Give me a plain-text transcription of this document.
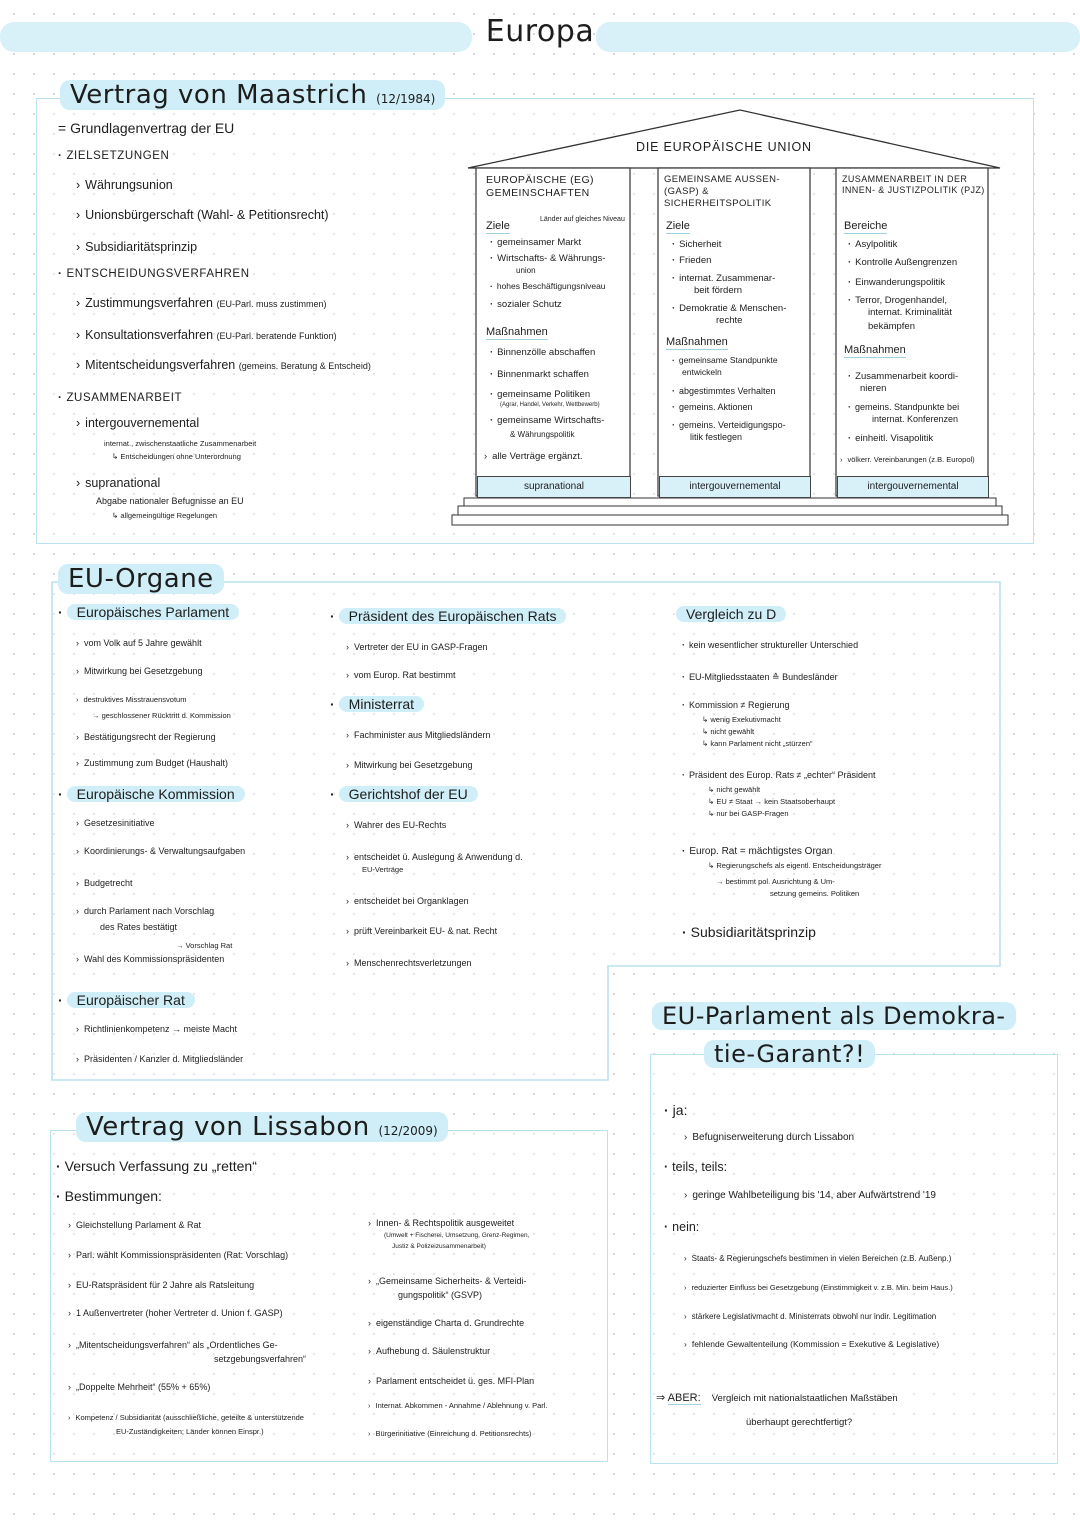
Europa
Vertrag von Maastrich (12/1984)
= Grundlagenvertrag der EU
· ZIELSETZUNGEN
› Währungsunion
› Unionsbürgerschaft (Wahl- & Petitionsrecht)
› Subsidiaritätsprinzip
· ENTSCHEIDUNGSVERFAHREN
› Zustimmungsverfahren (EU-Parl. muss zustimmen)
› Konsultationsverfahren (EU-Parl. beratende Funktion)
› Mitentscheidungsverfahren (gemeins. Beratung & Entscheid)
· ZUSAMMENARBEIT
› intergouvernemental
internat., zwischenstaatliche Zusammenarbeit
↳ Entscheidungen ohne Unterordnung
› supranational
Abgabe nationaler Befugnisse an EU
↳ allgemeingültige Regelungen
DIE EUROPÄISCHE UNION
EUROPÄISCHE (EG) GEMEINSCHAFTEN
Ziele
Länder auf gleiches Niveau
· gemeinsamer Markt
· Wirtschafts- & Währungs-
union
· hohes Beschäftigungsniveau
· sozialer Schutz
Maßnahmen
· Binnenzölle abschaffen
· Binnenmarkt schaffen
· gemeinsame Politiken
(Agrar, Handel, Verkehr, Wettbewerb)
· gemeinsame Wirtschafts-
& Währungspolitik
› alle Verträge ergänzt.
supranational
GEMEINSAME AUSSEN- (GASP) & SICHERHEITSPOLITIK
Ziele
· Sicherheit
· Frieden
· internat. Zusammenar-
beit fördern
· Demokratie & Menschen-
rechte
Maßnahmen
· gemeinsame Standpunkte
entwickeln
· abgestimmtes Verhalten
· gemeins. Aktionen
· gemeins. Verteidigungspo-
litik festlegen
intergouvernemental
ZUSAMMENARBEIT IN DER INNEN- & JUSTIZPOLITIK (PJZ)
Bereiche
· Asylpolitik
· Kontrolle Außengrenzen
· Einwanderungspolitik
· Terror, Drogenhandel,
internat. Kriminalität
bekämpfen
Maßnahmen
· Zusammenarbeit koordi-
nieren
· gemeins. Standpunkte bei
internat. Konferenzen
· einheitl. Visapolitik
› völkerr. Vereinbarungen (z.B. Europol)
intergouvernemental
EU-Organe
· Europäisches Parlament
› vom Volk auf 5 Jahre gewählt
› Mitwirkung bei Gesetzgebung
› destruktives Misstrauensvotum
→ geschlossener Rücktritt d. Kommission
› Bestätigungsrecht der Regierung
› Zustimmung zum Budget (Haushalt)
· Europäische Kommission
› Gesetzesinitiative
› Koordinierungs- & Verwaltungsaufgaben
› Budgetrecht
› durch Parlament nach Vorschlag
des Rates bestätigt
→ Vorschlag Rat
› Wahl des Kommissionspräsidenten
· Europäischer Rat
› Richtlinienkompetenz → meiste Macht
› Präsidenten / Kanzler d. Mitgliedsländer
· Präsident des Europäischen Rats
› Vertreter der EU in GASP-Fragen
› vom Europ. Rat bestimmt
· Ministerrat
› Fachminister aus Mitgliedsländern
› Mitwirkung bei Gesetzgebung
· Gerichtshof der EU
› Wahrer des EU-Rechts
› entscheidet ü. Auslegung & Anwendung d.
EU-Verträge
› entscheidet bei Organklagen
› prüft Vereinbarkeit EU- & nat. Recht
› Menschenrechtsverletzungen
Vergleich zu D
· kein wesentlicher struktureller Unterschied
· EU-Mitgliedsstaaten ≙ Bundesländer
· Kommission ≠ Regierung
↳ wenig Exekutivmacht
↳ nicht gewählt
↳ kann Parlament nicht „stürzen“
· Präsident des Europ. Rats ≠ „echter“ Präsident
↳ nicht gewählt
↳ EU ≠ Staat → kein Staatsoberhaupt
↳ nur bei GASP-Fragen
· Europ. Rat = mächtigstes Organ
↳ Regierungschefs als eigentl. Entscheidungsträger
→ bestimmt pol. Ausrichtung & Um-
setzung gemeins. Politiken
· Subsidiaritätsprinzip
Vertrag von Lissabon (12/2009)
· Versuch Verfassung zu „retten“
· Bestimmungen:
› Gleichstellung Parlament & Rat
› Parl. wählt Kommissionspräsidenten (Rat: Vorschlag)
› EU-Ratspräsident für 2 Jahre als Ratsleitung
› 1 Außenvertreter (hoher Vertreter d. Union f. GASP)
› „Mitentscheidungsverfahren“ als „Ordentliches Ge-
setzgebungsverfahren“
› „Doppelte Mehrheit“ (55% + 65%)
› Kompetenz / Subsidiarität (ausschließliche, geteilte & unterstützende
EU-Zuständigkeiten; Länder können Einspr.)
› Innen- & Rechtspolitik ausgeweitet
(Umwelt + Fischerei, Umsetzung, Grenz-Regimen,
Justiz & Polizeizusammenarbeit)
› „Gemeinsame Sicherheits- & Verteidi-
gungspolitik“ (GSVP)
› eigenständige Charta d. Grundrechte
› Aufhebung d. Säulenstruktur
› Parlament entscheidet ü. ges. MFI-Plan
› Internat. Abkommen - Annahme / Ablehnung v. Parl.
› Bürgerinitiative (Einreichung d. Petitionsrechts)
EU-Parlament als Demokra-
tie-Garant?!
· ja:
› Befugniserweiterung durch Lissabon
· teils, teils:
› geringe Wahlbeteiligung bis '14, aber Aufwärtstrend '19
· nein:
› Staats- & Regierungschefs bestimmen in vielen Bereichen (z.B. Außenp.)
› reduzierter Einfluss bei Gesetzgebung (Einstimmigkeit v. z.B. Min. beim Haus.)
› stärkere Legislativmacht d. Ministerrats obwohl nur indir. Legitimation
› fehlende Gewaltenteilung (Kommission = Exekutive & Legislative)
⇒ ABER: Vergleich mit nationalstaatlichen Maßstäben
überhaupt gerechtfertigt?
